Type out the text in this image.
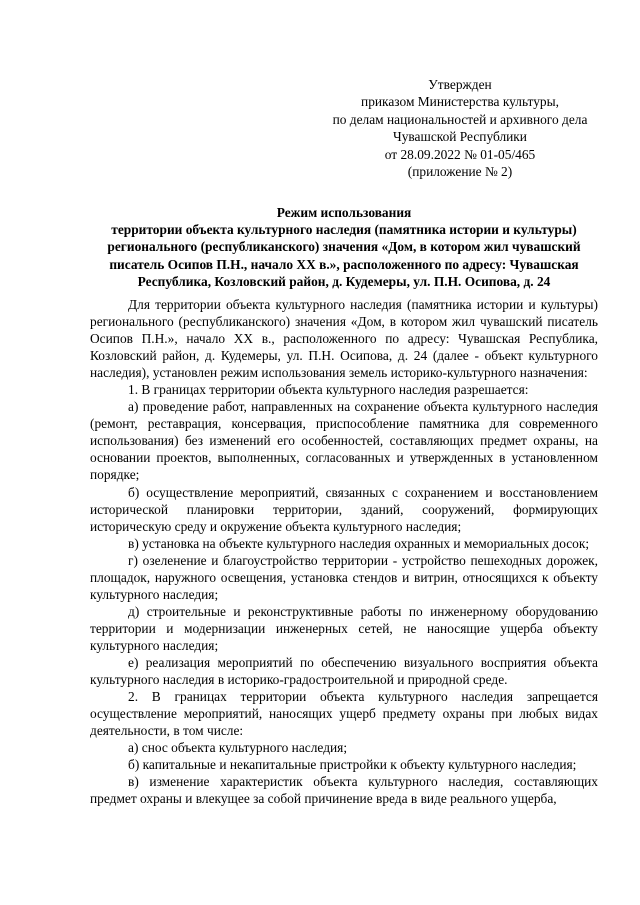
Утвержден
приказом Министерства культуры,
по делам национальностей и архивного дела
Чувашской Республики
от 28.09.2022 № 01-05/465
(приложение № 2)
Режим использования
территории объекта культурного наследия (памятника истории и культуры)
регионального (республиканского) значения «Дом, в котором жил чувашский
писатель Осипов П.Н., начало XX в.», расположенного по адресу: Чувашская
Республика, Козловский район, д. Кудемеры, ул. П.Н. Осипова, д. 24

Для территории объекта культурного наследия (памятника истории и культуры) регионального (республиканского) значения «Дом, в котором жил чувашский писатель Осипов П.Н.», начало XX в., расположенного по адресу: Чувашская Республика, Козловский район, д. Кудемеры, ул. П.Н. Осипова, д. 24 (далее - объект культурного наследия), установлен режим использования земель историко-культурного назначения:

1. В границах территории объекта культурного наследия разрешается:

а) проведение работ, направленных на сохранение объекта культурного наследия (ремонт, реставрация, консервация, приспособление памятника для современного использования) без изменений его особенностей, составляющих предмет охраны, на основании проектов, выполненных, согласованных и утвержденных в установленном порядке;

б) осуществление мероприятий, связанных с сохранением и восстановлением исторической планировки территории, зданий, сооружений, формирующих историческую среду и окружение объекта культурного наследия;

в) установка на объекте культурного наследия охранных и мемориальных досок;

г) озеленение и благоустройство территории - устройство пешеходных дорожек, площадок, наружного освещения, установка стендов и витрин, относящихся к объекту культурного наследия;

д) строительные и реконструктивные работы по инженерному оборудованию территории и модернизации инженерных сетей, не наносящие ущерба объекту культурного наследия;

е) реализация мероприятий по обеспечению визуального восприятия объекта культурного наследия в историко-градостроительной и природной среде.

2. В границах территории объекта культурного наследия запрещается осуществление мероприятий, наносящих ущерб предмету охраны при любых видах деятельности, в том числе:

а) снос объекта культурного наследия;

б) капитальные и некапитальные пристройки к объекту культурного наследия;

в) изменение характеристик объекта культурного наследия, составляющих предмет охраны и влекущее за собой причинение вреда в виде реального ущерба,
